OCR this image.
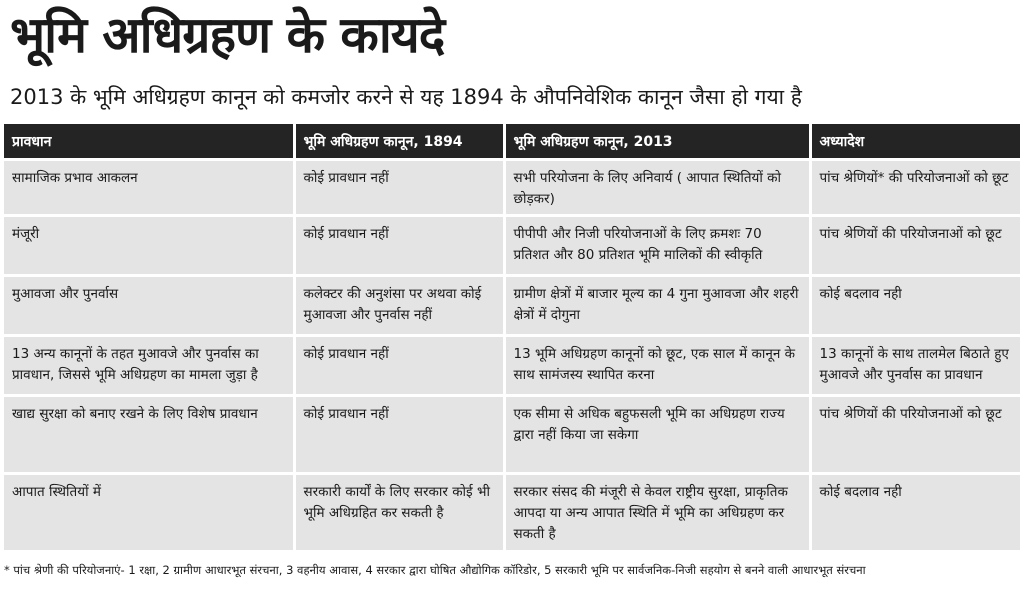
भूमि अधिग्रहण के कायदे
2013 के भूमि अधिग्रहण कानून को कमजोर करने से यह 1894 के औपनिवेशिक कानून जैसा हो गया है
प्रावधान	भूमि अधिग्रहण कानून, 1894	भूमि अधिग्रहण कानून, 2013	अध्यादेश
सामाजिक प्रभाव आकलन	कोई प्रावधान नहीं	सभी परियोजना के लिए अनिवार्य ( आपात स्थितियों को छोड़कर)	पांच श्रेणियों* की परियोजनाओं को छूट
मंजूरी	कोई प्रावधान नहीं	पीपीपी और निजी परियोजनाओं के लिए क्रमशः 70 प्रतिशत और 80 प्रतिशत भूमि मालिकों की स्वीकृति	पांच श्रेणियों की परियोजनाओं को छूट
मुआवजा और पुनर्वास	कलेक्टर की अनुशंसा पर अथवा कोई मुआवजा और पुनर्वास नहीं	ग्रामीण क्षेत्रों में बाजार मूल्य का 4 गुना मुआवजा और शहरी क्षेत्रों में दोगुना	कोई बदलाव नही
13 अन्य कानूनों के तहत मुआवजे और पुनर्वास का प्रावधान, जिससे भूमि अधिग्रहण का मामला जुड़ा है	कोई प्रावधान नहीं	13 भूमि अधिग्रहण कानूनों को छूट, एक साल में कानून के साथ सामंजस्य स्थापित करना	13 कानूनों के साथ तालमेल बिठाते हुए मुआवजे और पुनर्वास का प्रावधान
खाद्य सुरक्षा को बनाए रखने के लिए विशेष प्रावधान	कोई प्रावधान नहीं	एक सीमा से अधिक बहुफसली भूमि का अधिग्रहण राज्य द्वारा नहीं किया जा सकेगा	पांच श्रेणियों की परियोजनाओं को छूट
आपात स्थितियों में	सरकारी कार्यों के लिए सरकार कोई भी भूमि अधिग्रहित कर सकती है	सरकार संसद की मंजूरी से केवल राष्ट्रीय सुरक्षा, प्राकृतिक आपदा या अन्य आपात स्थिति में भूमि का अधिग्रहण कर सकती है	कोई बदलाव नही
* पांच श्रेणी की परियोजनाएं- 1 रक्षा, 2 ग्रामीण आधारभूत संरचना, 3 वहनीय आवास, 4 सरकार द्वारा घोषित औद्योगिक कॉरिडोर, 5 सरकारी भूमि पर सार्वजनिक-निजी सहयोग से बनने वाली आधारभूत संरचना
